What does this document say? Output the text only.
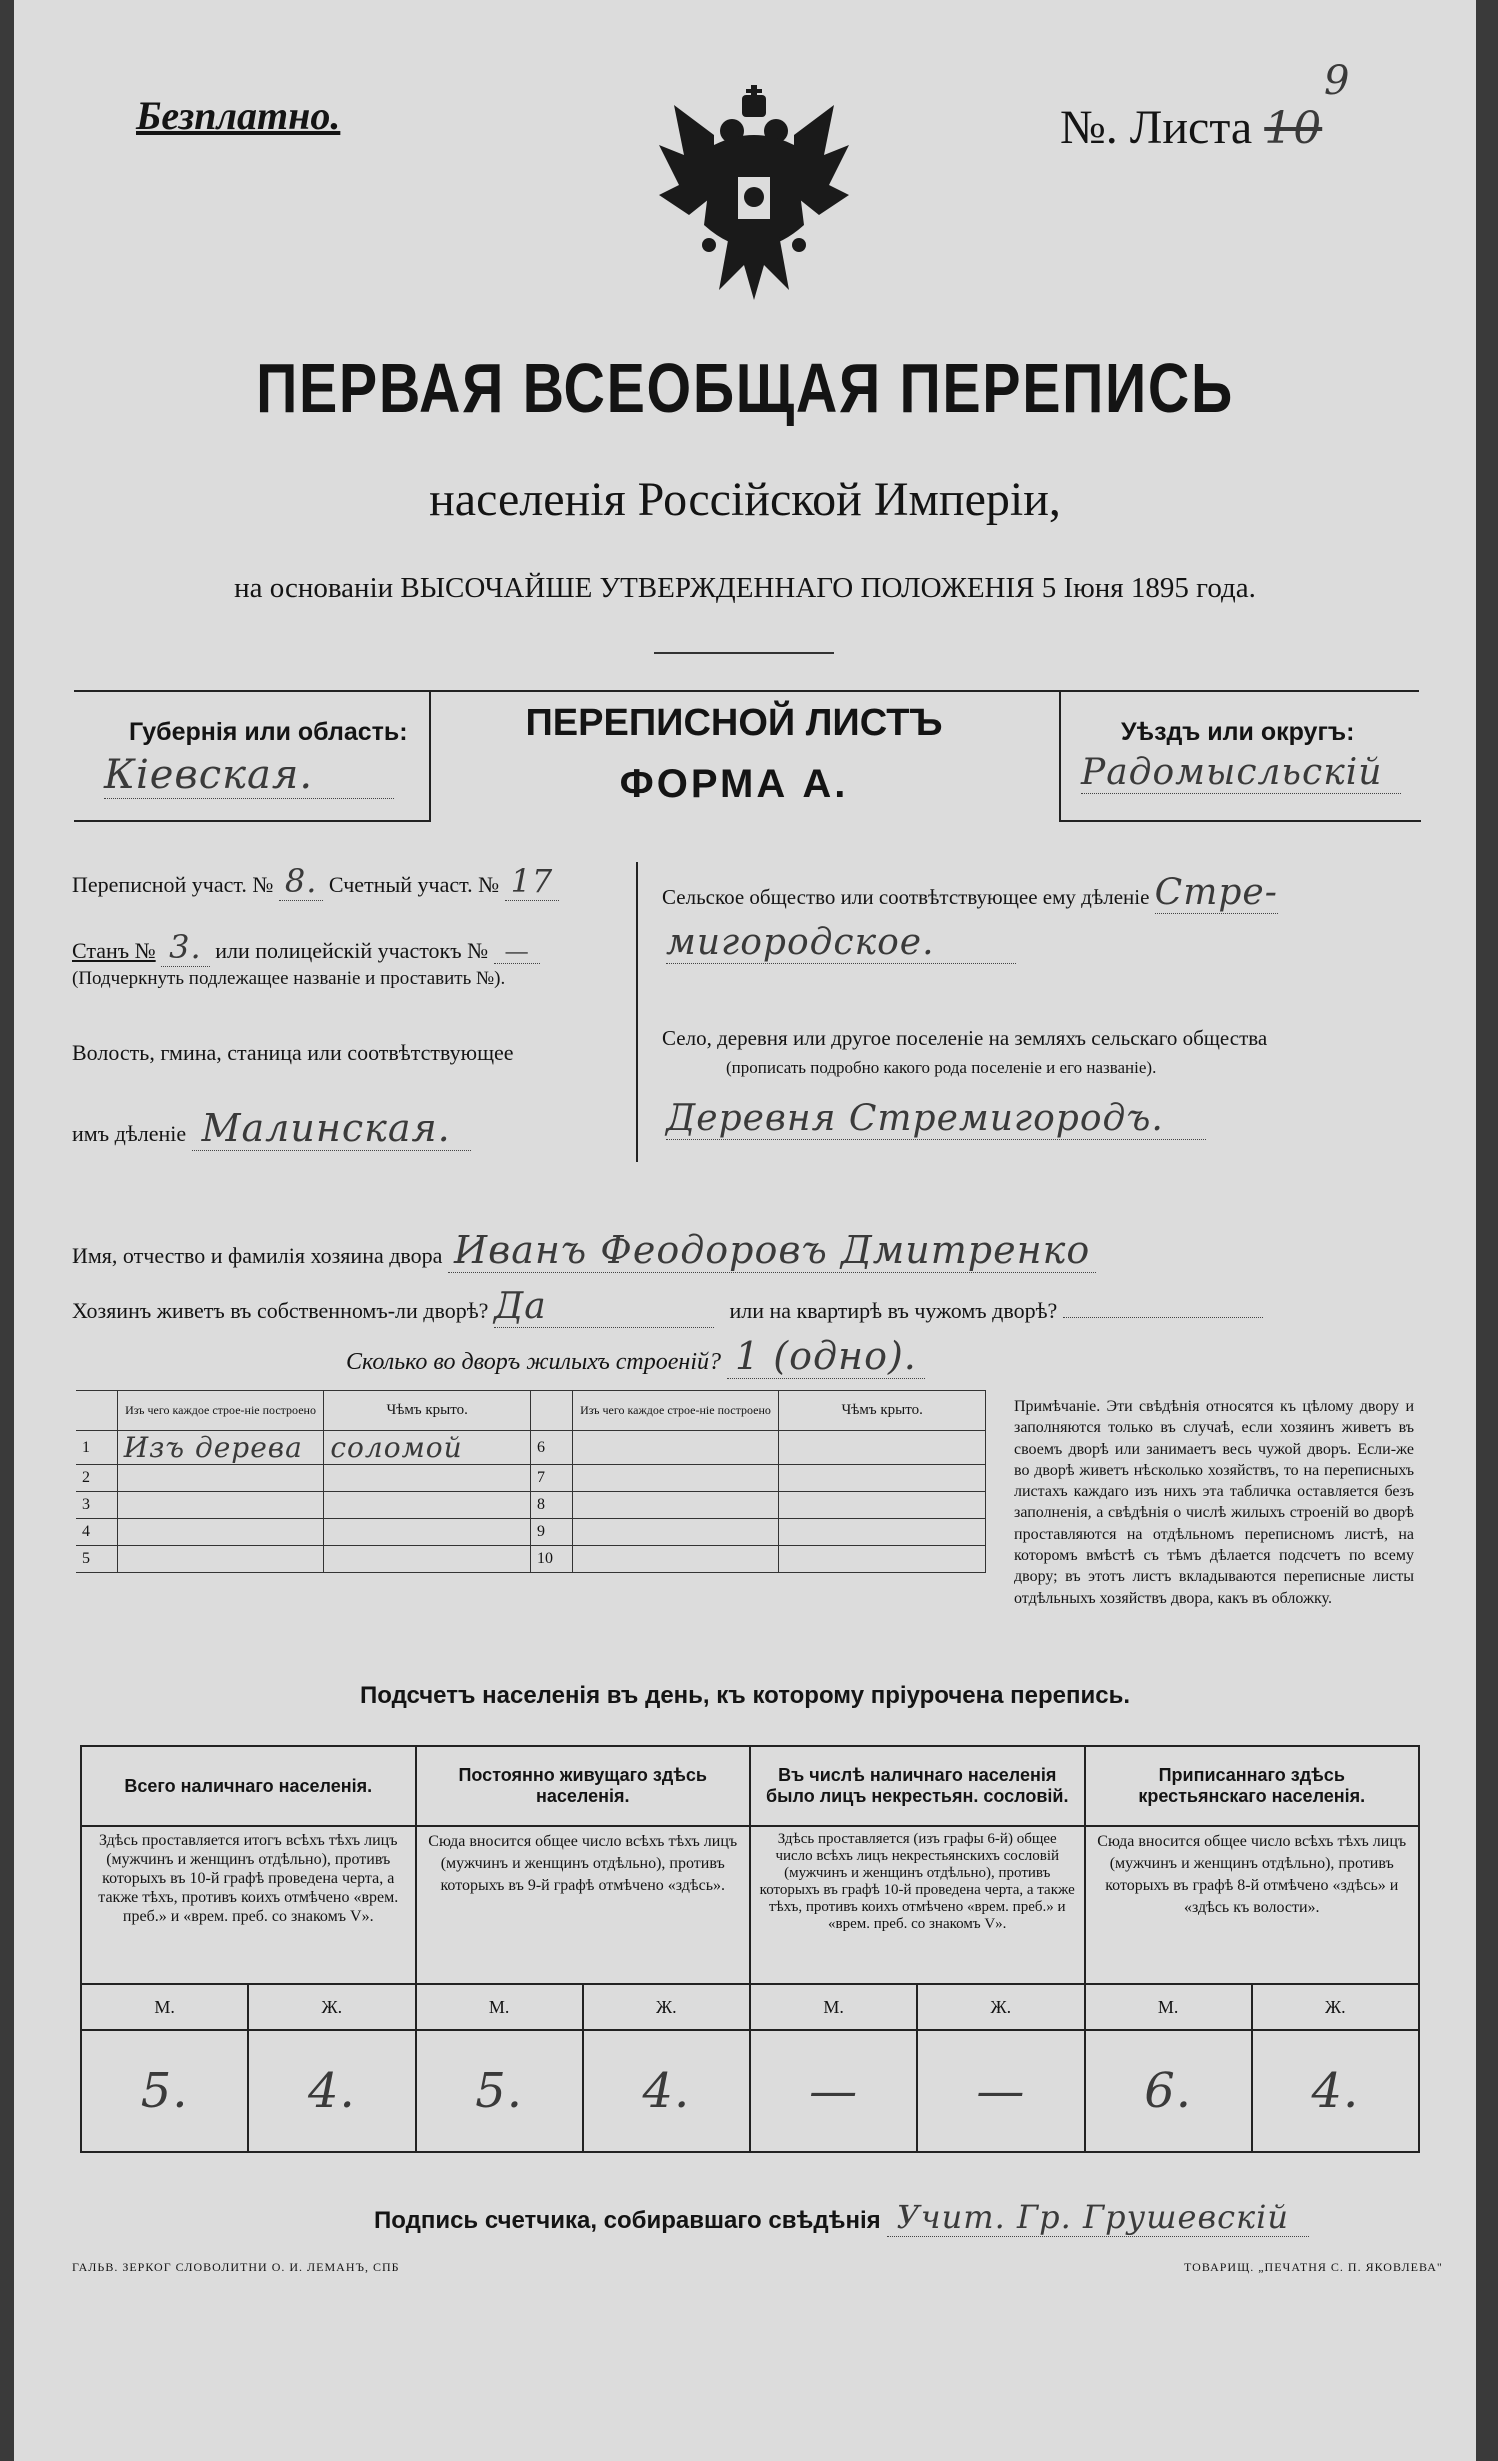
9
Безплатно.	№. Листа 10
ПЕРВАЯ ВСЕОБЩАЯ ПЕРЕПИСЬ
населенія Россійской Имперіи,
на основаніи ВЫСОЧАЙШЕ УТВЕРЖДЕННАГО ПОЛОЖЕНІЯ 5 Іюня 1895 года.
Губернія или область:
Кіевская.
ПЕРЕПИСНОЙ ЛИСТЪ
ФОРМА А.
Уѣздъ или округъ:
Радомысльскій
Переписной участ. № 8. Счетный участ. № 17
Станъ № 3. или полицейскій участокъ № —
(Подчеркнуть подлежащее названіе и проставить №).
Волость, гмина, станица или соотвѣтствующее
имъ дѣленіе Малинская.
Сельское общество или соотвѣтствующее ему дѣленіе Стре-
мигородское.
Село, деревня или другое поселеніе на земляхъ сельскаго общества
(прописать подробно какого рода поселеніе и его названіе).
Деревня Стремигородъ.
Имя, отчество и фамилія хозяина двора Иванъ Феодоровъ Дмитренко
Хозяинъ живетъ въ собственномъ-ли дворѣ? Да	или на квартирѣ въ чужомъ дворѣ?
Сколько во дворъ жилыхъ строеній? 1 (одно).
	Изъ чего каждое строе-ніе построено	Чѣмъ крыто.		Изъ чего каждое строе-ніе построено	Чѣмъ крыто.
1	Изъ дерева	соломой	6		
2			7		
3			8		
4			9		
5			10		
Примѣчаніе. Эти свѣдѣнія относятся къ цѣлому двору и заполняются только въ случаѣ, если хозяинъ живетъ въ своемъ дворѣ или занимаетъ весь чужой дворъ. Если-же во дворѣ живетъ нѣсколько хозяйствъ, то на переписныхъ листахъ каждаго изъ нихъ эта табличка оставляется безъ заполненія, а свѣдѣнія о числѣ жилыхъ строеній во дворѣ проставляются на отдѣльномъ переписномъ листѣ, на которомъ вмѣстѣ съ тѣмъ дѣлается подсчетъ по всему двору; въ этотъ листъ вкладываются переписные листы отдѣльныхъ хозяйствъ двора, какъ въ обложку.
Подсчетъ населенія въ день, къ которому пріурочена перепись.
Всего наличнаго населенія.		Постоянно живущаго здѣсь населенія.		Въ числѣ наличнаго населенія было лицъ некрестьян. сословій.		Приписаннаго здѣсь крестьянскаго населенія.	
Здѣсь проставляется итогъ всѣхъ тѣхъ лицъ (мужчинъ и женщинъ отдѣльно), противъ которыхъ въ 10-й графѣ проведена черта, а также тѣхъ, противъ коихъ отмѣчено «врем. преб.» и «врем. преб. со знакомъ V».		Сюда вносится общее число всѣхъ тѣхъ лицъ (мужчинъ и женщинъ отдѣльно), противъ которыхъ въ 9-й графѣ отмѣчено «здѣсь».		Здѣсь проставляется (изъ графы 6-й) общее число всѣхъ лицъ некрестьянскихъ сословій (мужчинъ и женщинъ отдѣльно), противъ которыхъ въ графѣ 10-й проведена черта, а также тѣхъ, противъ коихъ отмѣчено «врем. преб.» и «врем. преб. со знакомъ V».		Сюда вносится общее число всѣхъ тѣхъ лицъ (мужчинъ и женщинъ отдѣльно), противъ которыхъ въ графѣ 8-й отмѣчено «здѣсь» и «здѣсь къ волости».	
М.	Ж.	М.	Ж.	М.	Ж.	М.	Ж.
5.	4.	5.	4.	—	—	6.	4.
Подпись счетчика, собиравшаго свѣдѣнія Учит. Гр. Грушевскій
ГАЛЬВ. ЗЕРКОГ СЛОВОЛИТНИ О. И. ЛЕМАНЪ, СПБ	ТОВАРИЩ. „ПЕЧАТНЯ С. П. ЯКОВЛЕВА"
